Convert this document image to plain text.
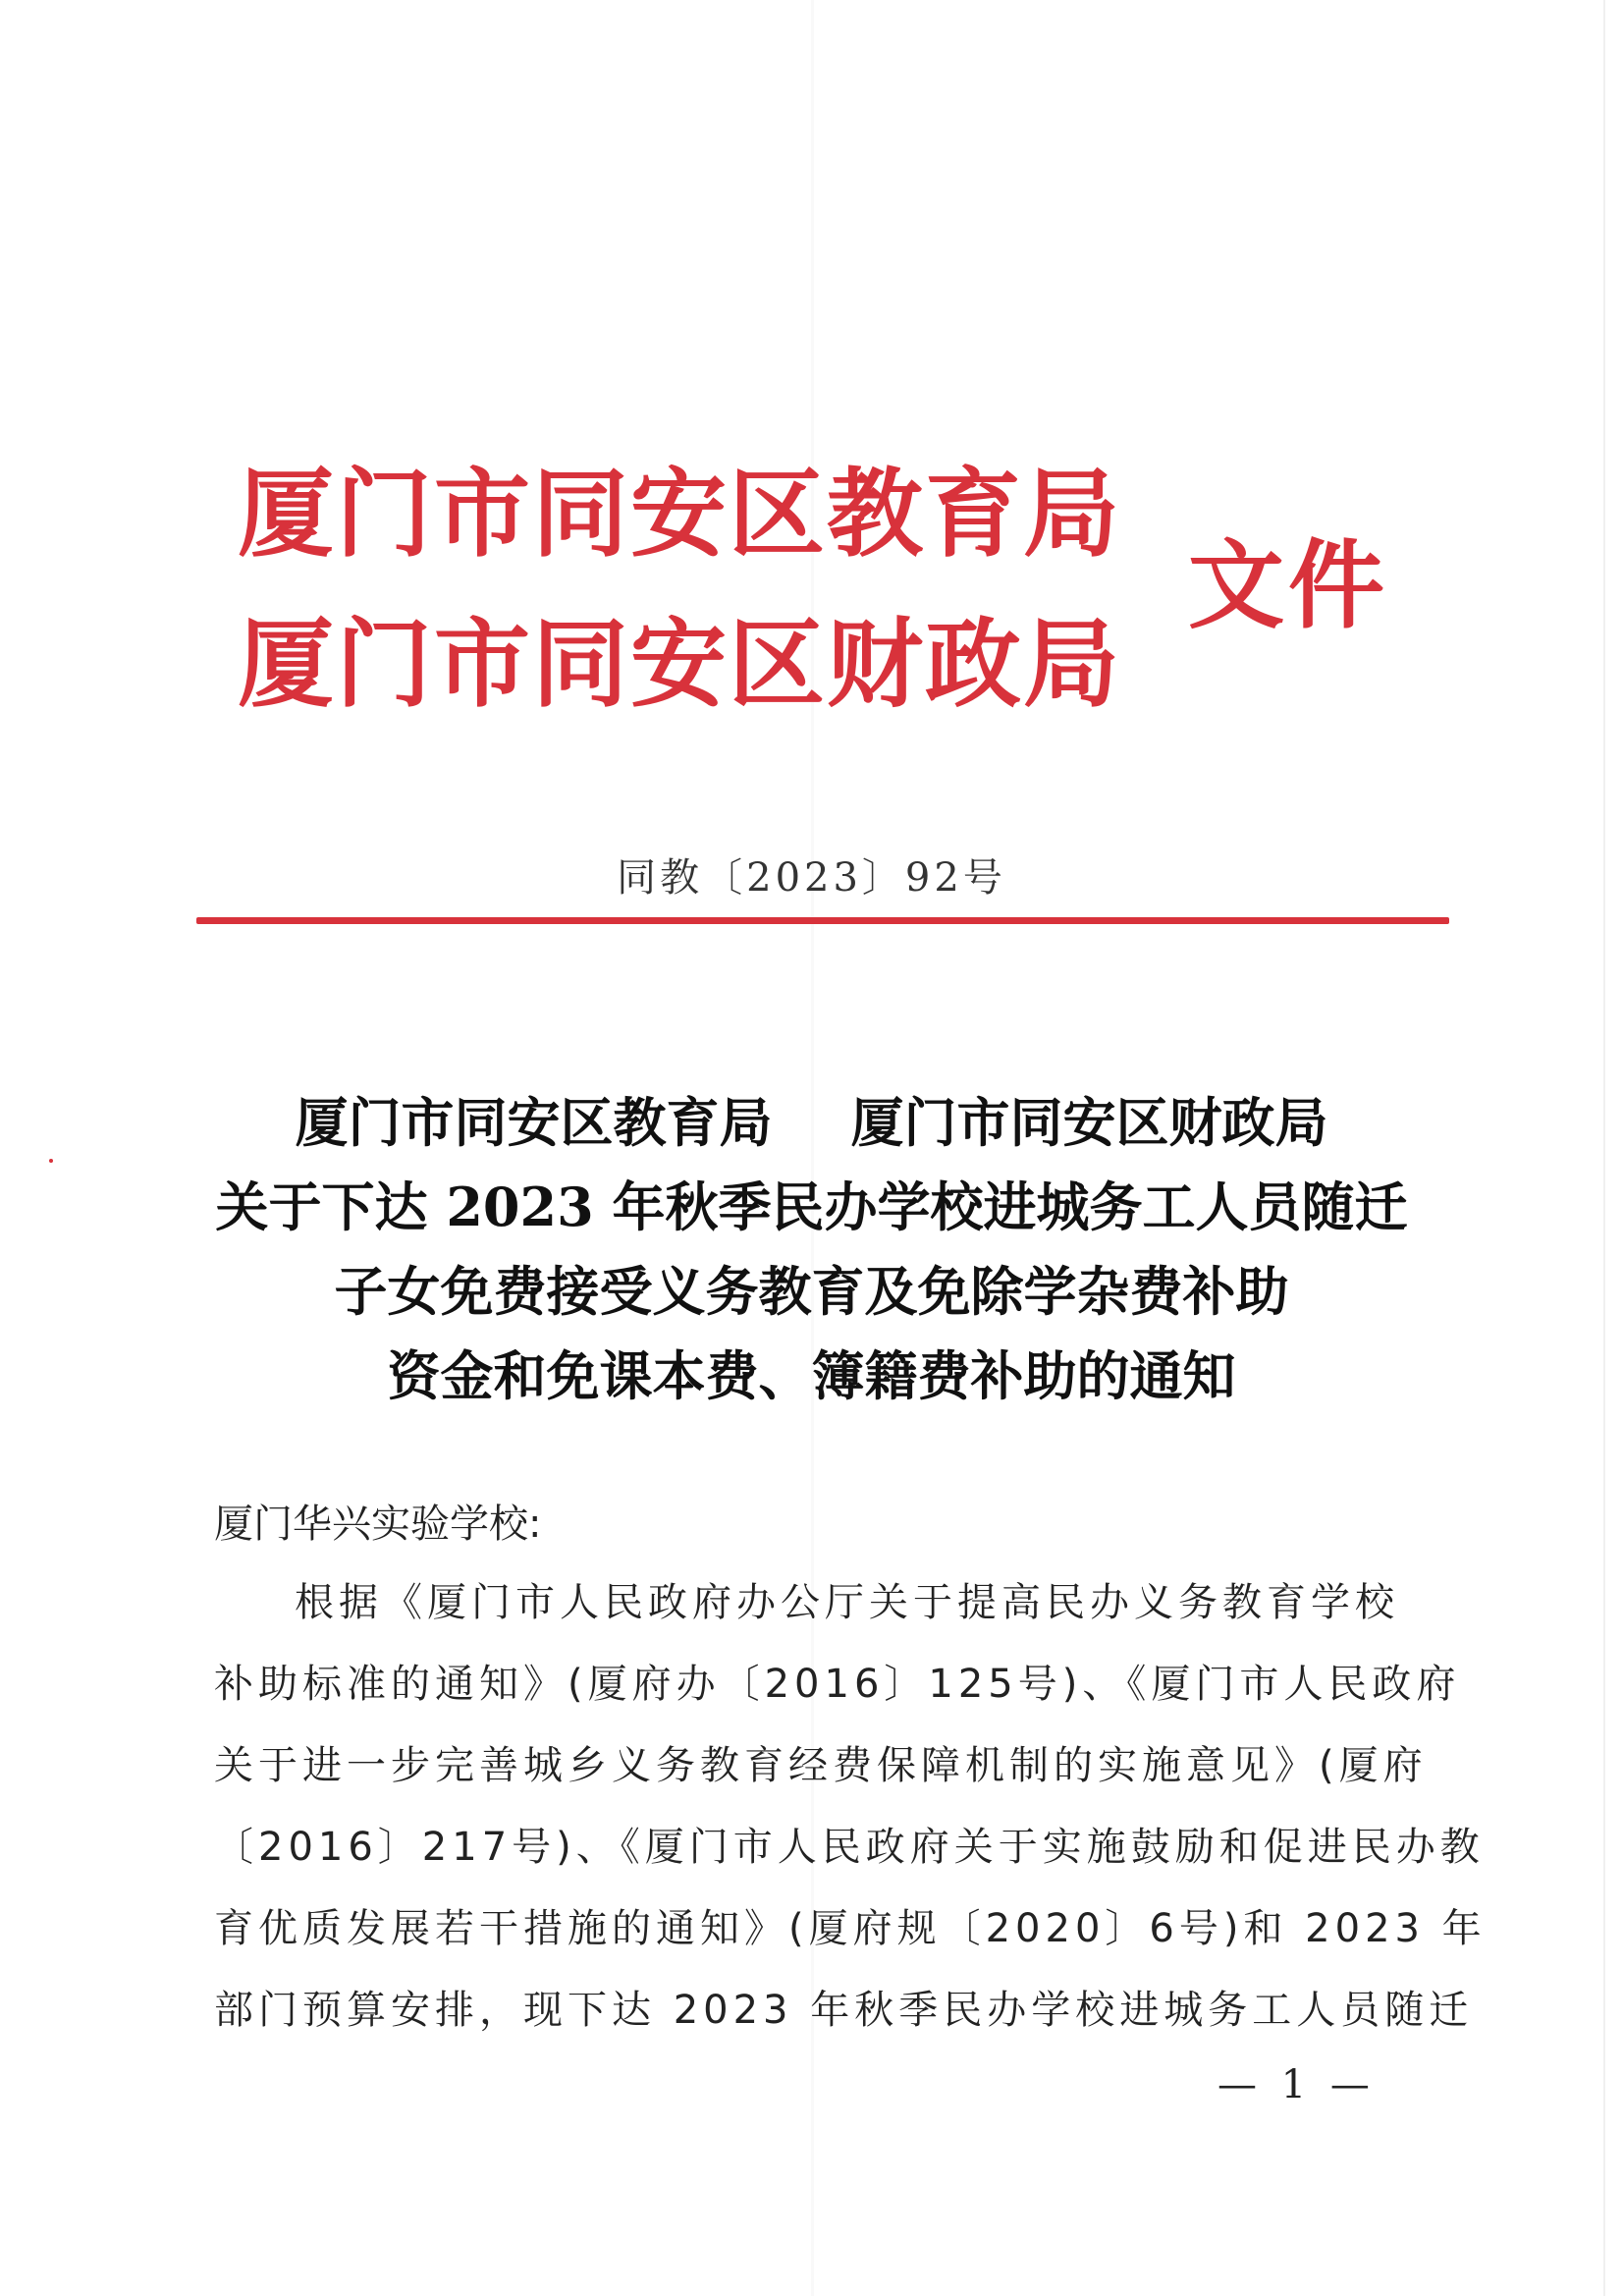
厦门市同安区教育局
厦门市同安区财政局
文件
同教〔2023〕92号
厦门市同安区教育局 厦门市同安区财政局
关于下达 2023 年秋季民办学校进城务工人员随迁
子女免费接受义务教育及免除学杂费补助
资金和免课本费、簿籍费补助的通知
厦门华兴实验学校:
根据《厦门市人民政府办公厅关于提高民办义务教育学校
补助标准的通知》(厦府办〔2016〕125号)、《厦门市人民政府
关于进一步完善城乡义务教育经费保障机制的实施意见》(厦府
〔2016〕217号)、《厦门市人民政府关于实施鼓励和促进民办教
育优质发展若干措施的通知》(厦府规〔2020〕6号)和 2023 年
部门预算安排，现下达 2023 年秋季民办学校进城务工人员随迁
— 1 —
